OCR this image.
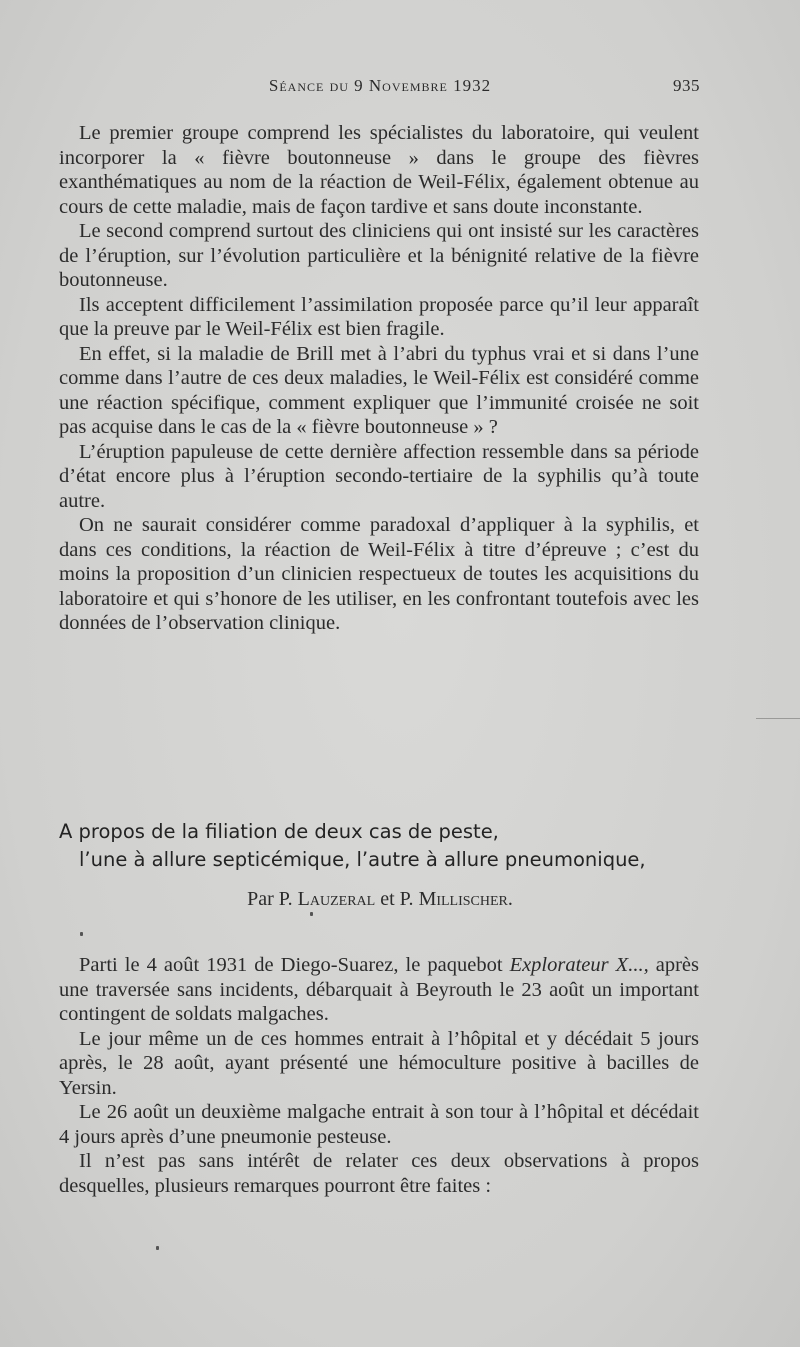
Séance du 9 Novembre 1932	935

Le premier groupe comprend les spécialistes du laboratoire, qui veulent incorporer la « fièvre boutonneuse » dans le groupe des fièvres exanthématiques au nom de la réaction de Weil-Félix, également obtenue au cours de cette maladie, mais de façon tardive et sans doute inconstante.

Le second comprend surtout des cliniciens qui ont insisté sur les caractères de l’éruption, sur l’évolution particulière et la bénignité relative de la fièvre boutonneuse.

Ils acceptent difficilement l’assimilation proposée parce qu’il leur apparaît que la preuve par le Weil-Félix est bien fragile.

En effet, si la maladie de Brill met à l’abri du typhus vrai et si dans l’une comme dans l’autre de ces deux maladies, le Weil-Félix est considéré comme une réaction spécifique, comment expliquer que l’immunité croisée ne soit pas acquise dans le cas de la « fièvre boutonneuse » ?

L’éruption papuleuse de cette dernière affection ressemble dans sa période d’état encore plus à l’éruption secondo-tertiaire de la syphilis qu’à toute autre.

On ne saurait considérer comme paradoxal d’appliquer à la syphilis, et dans ces conditions, la réaction de Weil-Félix à titre d’épreuve ; c’est du moins la proposition d’un clinicien respectueux de toutes les acquisitions du laboratoire et qui s’honore de les utiliser, en les confrontant toutefois avec les données de l’observation clinique.

A propos de la filiation de deux cas de peste,
l’une à allure septicémique, l’autre à allure pneumonique,
Par P. Lauzeral et P. Millischer.

Parti le 4 août 1931 de Diego-Suarez, le paquebot Explorateur X..., après une traversée sans incidents, débarquait à Beyrouth le 23 août un important contingent de soldats malgaches.

Le jour même un de ces hommes entrait à l’hôpital et y décédait 5 jours après, le 28 août, ayant présenté une hémoculture positive à bacilles de Yersin.

Le 26 août un deuxième malgache entrait à son tour à l’hôpital et décédait 4 jours après d’une pneumonie pesteuse.

Il n’est pas sans intérêt de relater ces deux observations à propos desquelles, plusieurs remarques pourront être faites :
